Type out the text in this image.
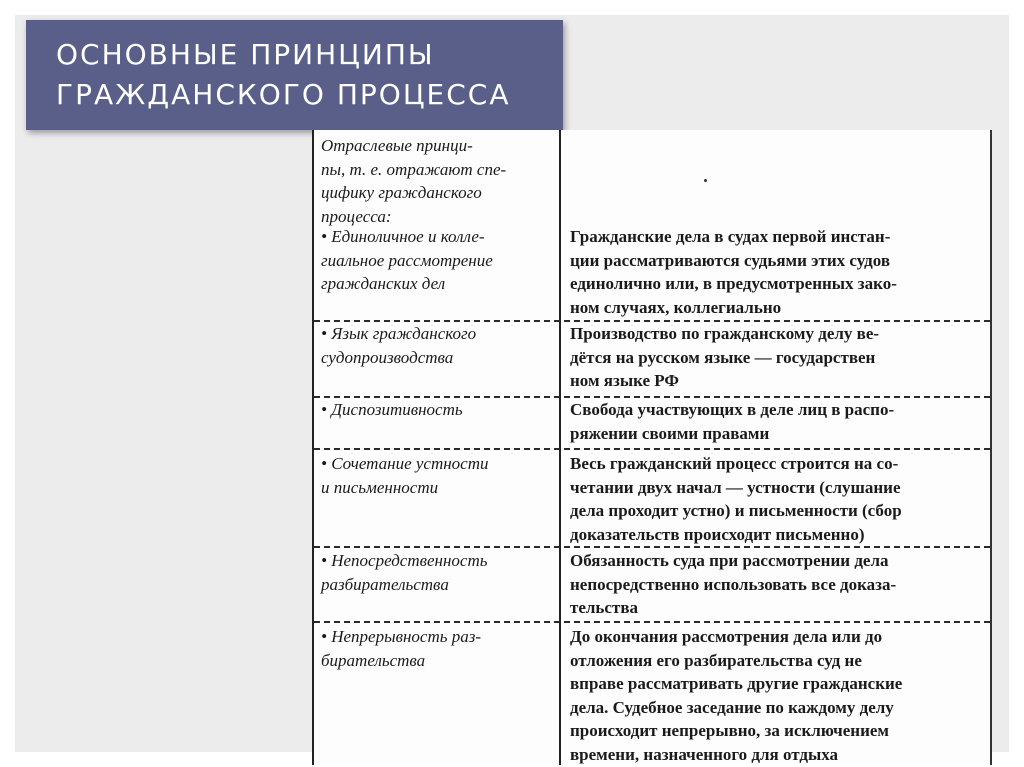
ОСНОВНЫЕ ПРИНЦИПЫ
ГРАЖДАНСКОГО ПРОЦЕССА
Отраслевые принци-
пы, т. е. отражают спе-
цифику гражданского
процесса:
• Единоличное и колле-
гиальное рассмотрение
гражданских дел
Гражданские дела в судах первой инстан-
ции рассматриваются судьями этих судов
единолично или, в предусмотренных зако-
ном случаях, коллегиально
• Язык гражданского
судопроизводства
Производство по гражданскому делу ве-
дётся на русском языке — государствен
ном языке РФ
• Диспозитивность	Свобода участвующих в деле лиц в распо-
ряжении своими правами
• Сочетание устности
и письменности
Весь гражданский процесс строится на со-
четании двух начал — устности (слушание
дела проходит устно) и письменности (сбор
доказательств происходит письменно)
• Непосредственность
разбирательства
Обязанность суда при рассмотрении дела
непосредственно использовать все доказа-
тельства
• Непрерывность раз-
бирательства
До окончания рассмотрения дела или до
отложения его разбирательства суд не
вправе рассматривать другие гражданские
дела. Судебное заседание по каждому делу
происходит непрерывно, за исключением
времени, назначенного для отдыха
